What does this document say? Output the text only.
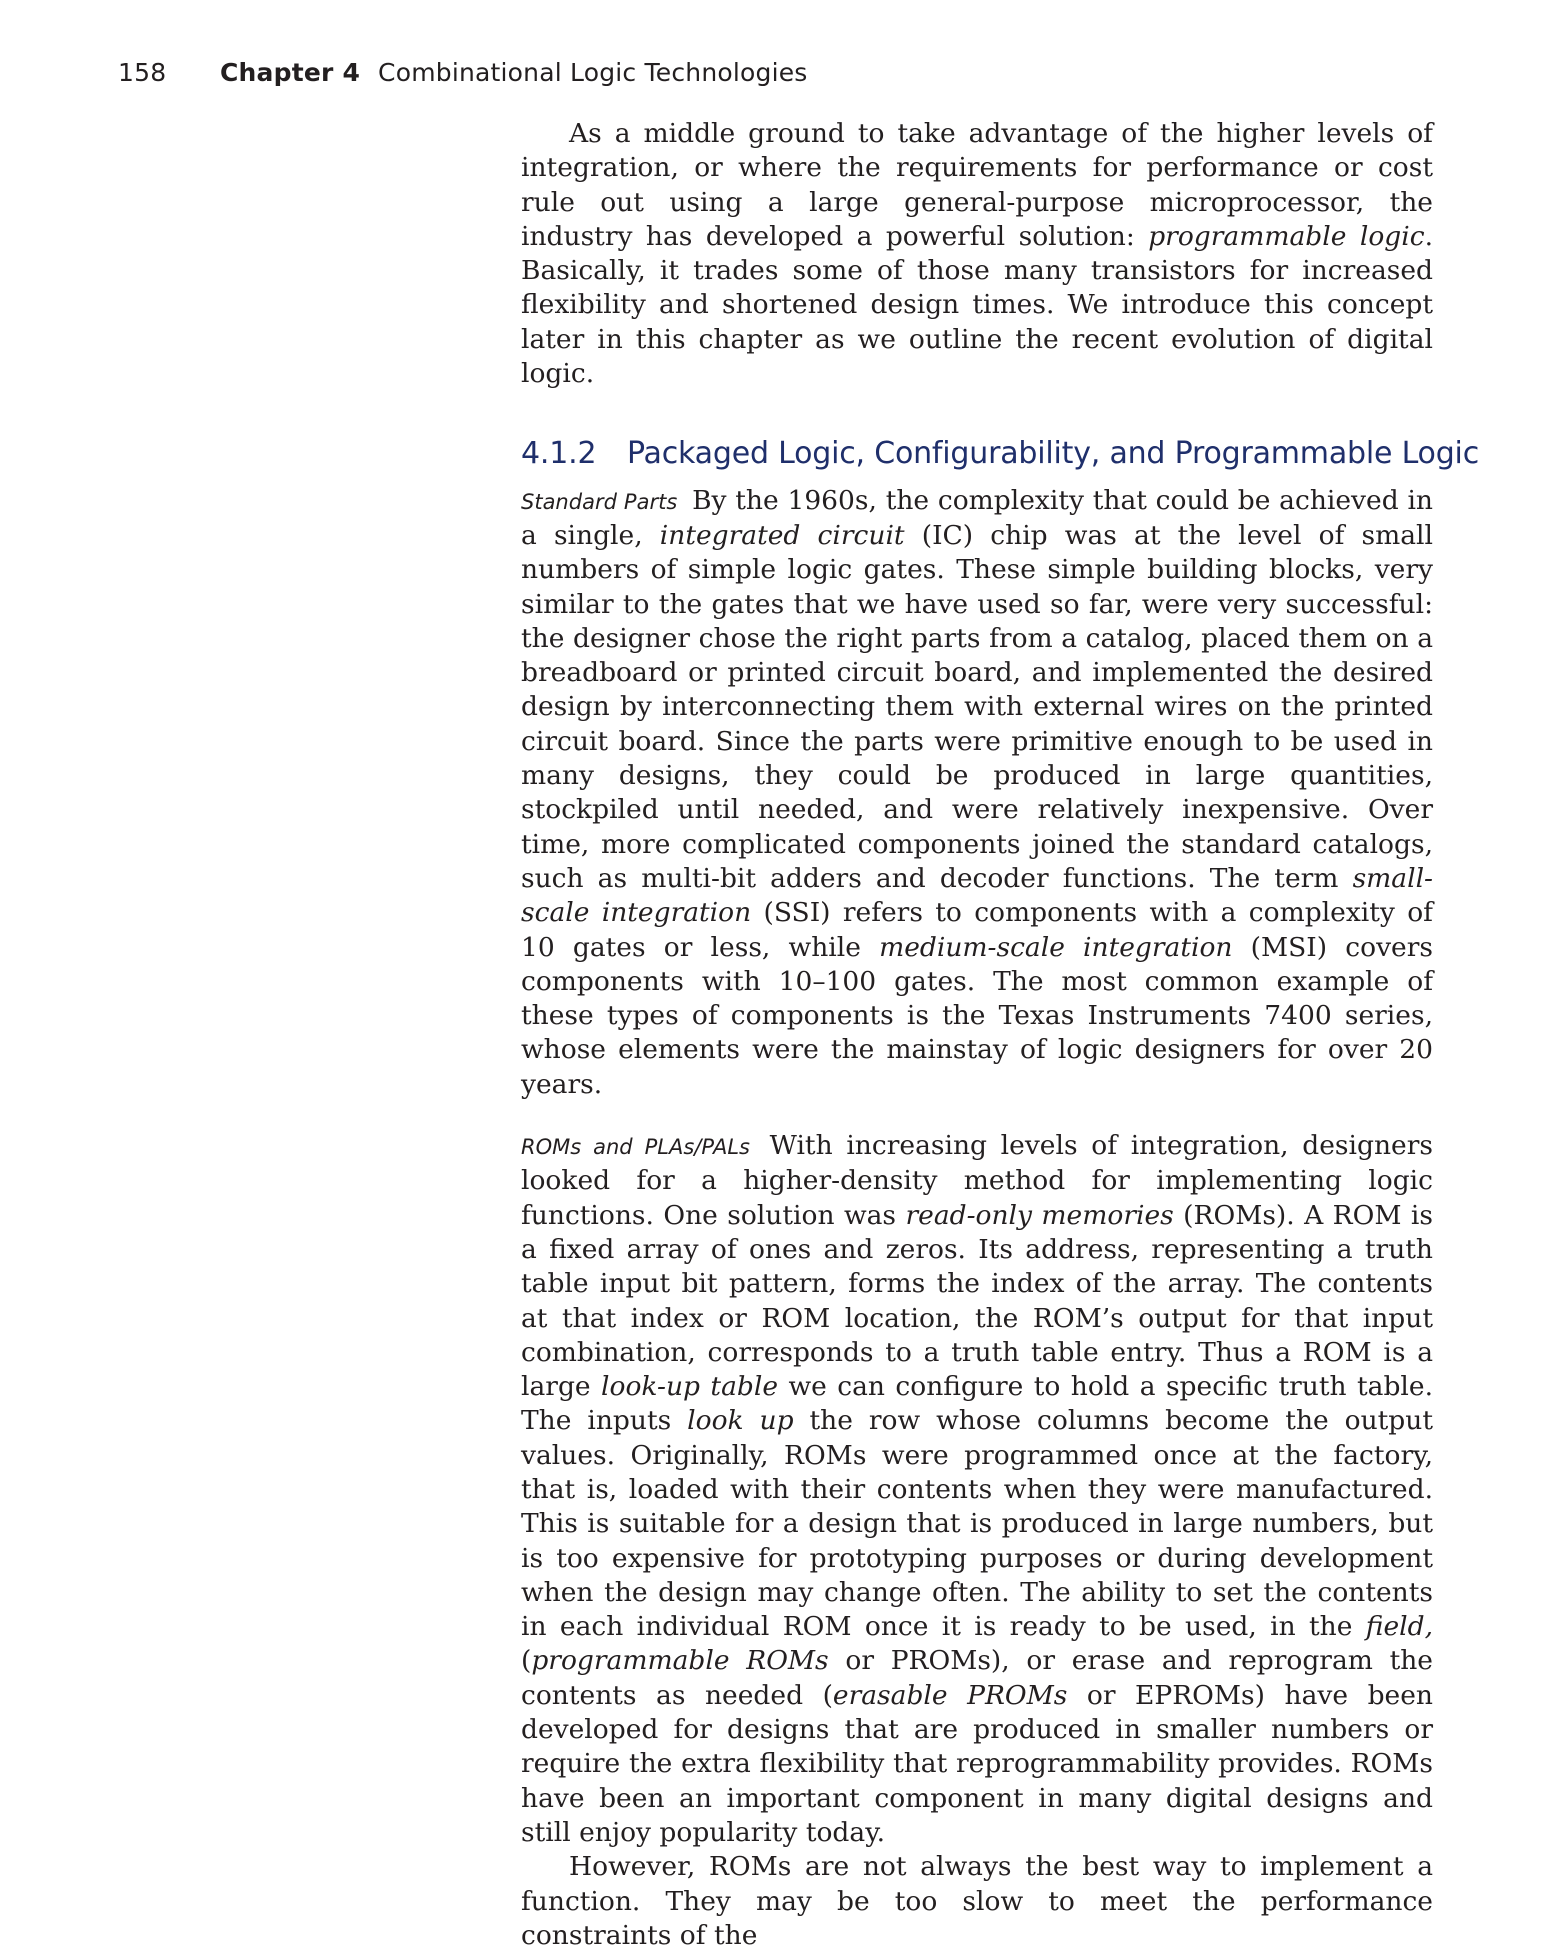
158 Chapter 4 Combinational Logic Technologies

As a middle ground to take advantage of the higher levels of integration, or where the requirements for performance or cost rule out using a large general-purpose microprocessor, the industry has developed a powerful solution: programmable logic. Basically, it trades some of those many transistors for increased flexibility and shortened design times. We introduce this concept later in this chapter as we outline the recent evolution of digital logic.

4.1.2 Packaged Logic, Configurability, and Programmable Logic

Standard Parts By the 1960s, the complexity that could be achieved in a single, integrated circuit (IC) chip was at the level of small numbers of simple logic gates. These simple building blocks, very similar to the gates that we have used so far, were very successful: the designer chose the right parts from a catalog, placed them on a breadboard or printed circuit board, and implemented the desired design by interconnecting them with external wires on the printed circuit board. Since the parts were primitive enough to be used in many designs, they could be produced in large quantities, stockpiled until needed, and were relatively inexpensive. Over time, more complicated components joined the standard catalogs, such as multi-bit adders and decoder functions. The term small-scale integration (SSI) refers to components with a complexity of 10 gates or less, while medium-scale integration (MSI) covers components with 10–100 gates. The most common example of these types of components is the Texas Instruments 7400 series, whose elements were the mainstay of logic designers for over 20 years.

ROMs and PLAs/PALs With increasing levels of integration, designers looked for a higher-density method for implementing logic functions. One solution was read-only memories (ROMs). A ROM is a fixed array of ones and zeros. Its address, representing a truth table input bit pattern, forms the index of the array. The contents at that index or ROM location, the ROM’s output for that input combination, corresponds to a truth table entry. Thus a ROM is a large look-up table we can configure to hold a specific truth table. The inputs look up the row whose columns become the output values. Originally, ROMs were programmed once at the factory, that is, loaded with their contents when they were manufactured. This is suitable for a design that is produced in large numbers, but is too expensive for prototyping purposes or during development when the design may change often. The ability to set the contents in each individual ROM once it is ready to be used, in the field, (programmable ROMs or PROMs), or erase and reprogram the contents as needed (erasable PROMs or EPROMs) have been developed for designs that are produced in smaller numbers or require the extra flexibility that reprogrammability provides. ROMs have been an important component in many digital designs and still enjoy popularity today.

However, ROMs are not always the best way to implement a function. They may be too slow to meet the performance constraints of the
